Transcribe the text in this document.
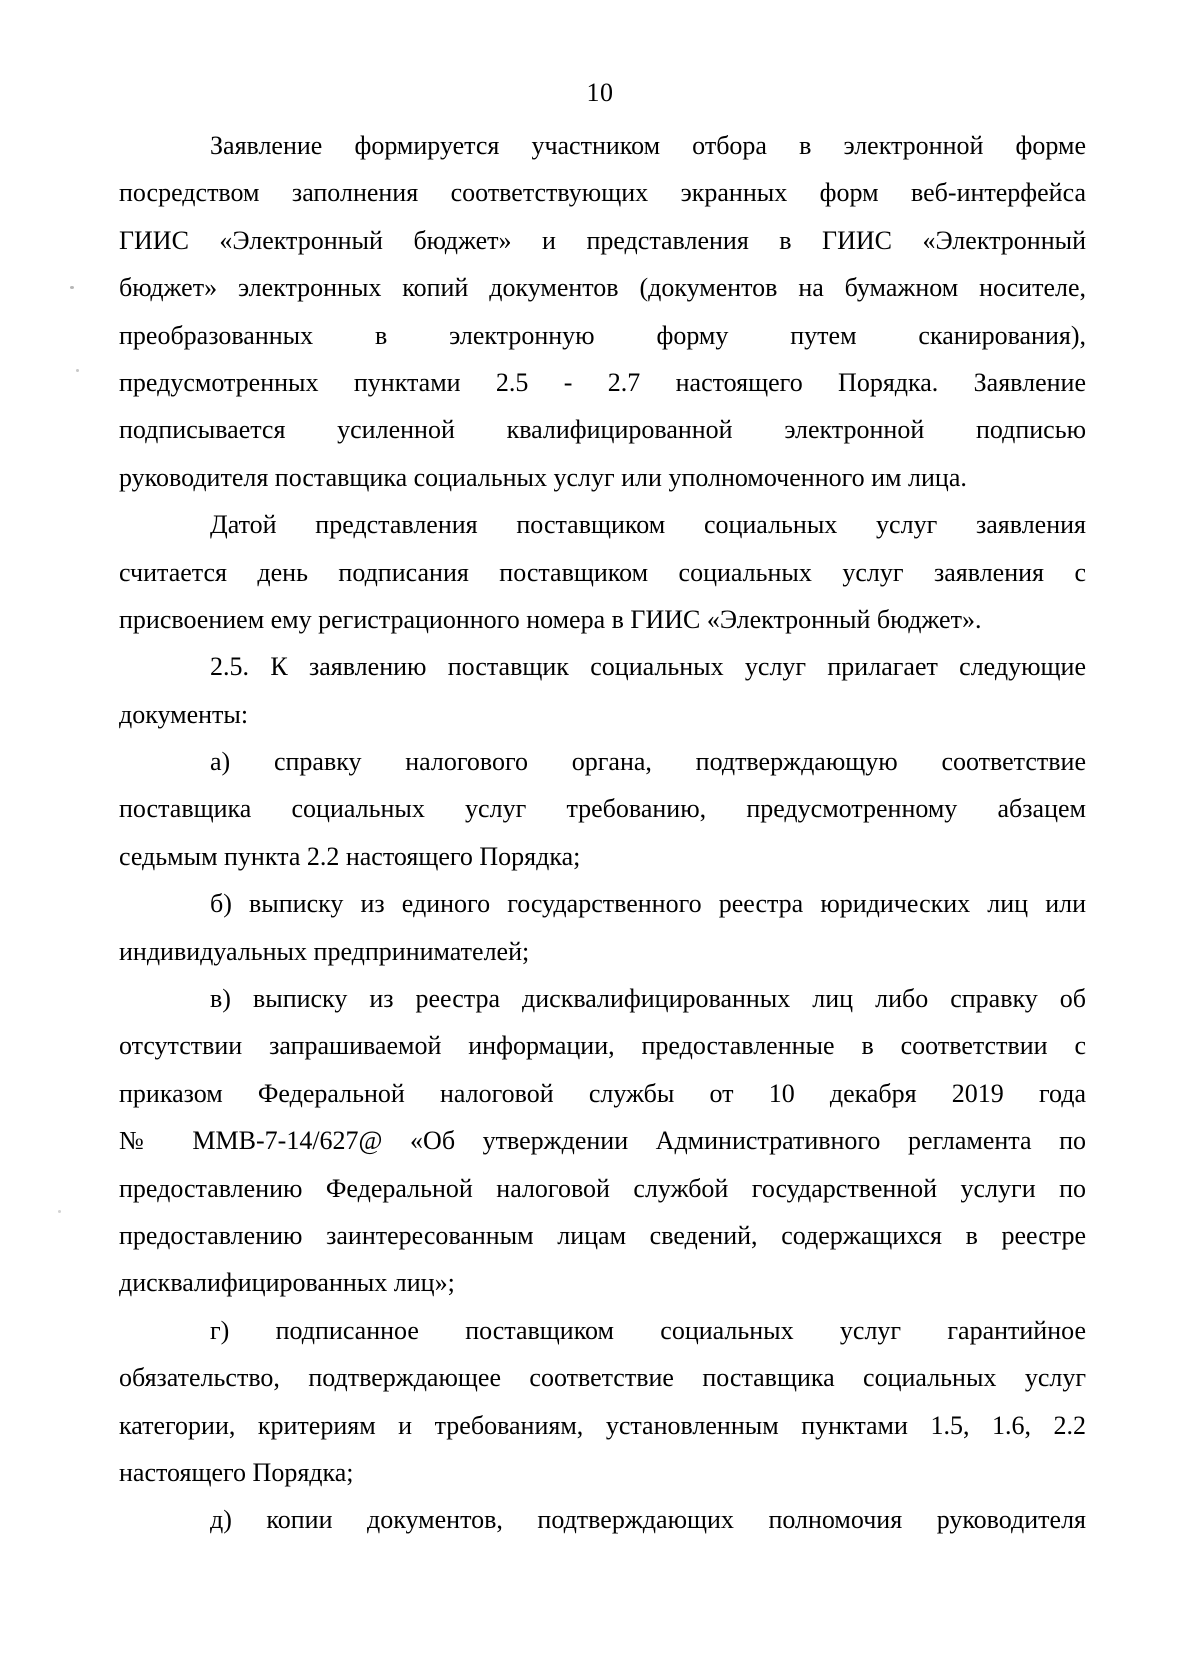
10
Заявление формируется участником отбора в электронной форме
посредством заполнения соответствующих экранных форм веб-интерфейса
ГИИС «Электронный бюджет» и представления в ГИИС «Электронный
бюджет» электронных копий документов (документов на бумажном носителе,
преобразованных в электронную форму путем сканирования),
предусмотренных пунктами 2.5 - 2.7 настоящего Порядка. Заявление
подписывается усиленной квалифицированной электронной подписью
руководителя поставщика социальных услуг или уполномоченного им лица.
Датой представления поставщиком социальных услуг заявления
считается день подписания поставщиком социальных услуг заявления с
присвоением ему регистрационного номера в ГИИС «Электронный бюджет».
2.5. К заявлению поставщик социальных услуг прилагает следующие
документы:
а) справку налогового органа, подтверждающую соответствие
поставщика социальных услуг требованию, предусмотренному абзацем
седьмым пункта 2.2 настоящего Порядка;
б) выписку из единого государственного реестра юридических лиц или
индивидуальных предпринимателей;
в) выписку из реестра дисквалифицированных лиц либо справку об
отсутствии запрашиваемой информации, предоставленные в соответствии с
приказом Федеральной налоговой службы от 10 декабря 2019 года
№ ММВ-7-14/627@ «Об утверждении Административного регламента по
предоставлению Федеральной налоговой службой государственной услуги по
предоставлению заинтересованным лицам сведений, содержащихся в реестре
дисквалифицированных лиц»;
г) подписанное поставщиком социальных услуг гарантийное
обязательство, подтверждающее соответствие поставщика социальных услуг
категории, критериям и требованиям, установленным пунктами 1.5, 1.6, 2.2
настоящего Порядка;
д) копии документов, подтверждающих полномочия руководителя
